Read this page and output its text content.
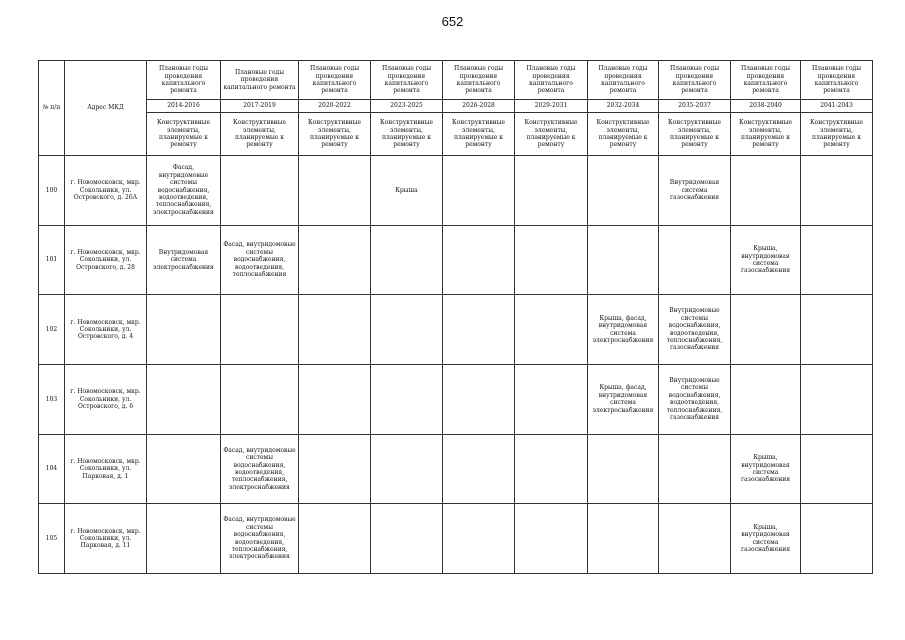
652
№ п/п	Адрес МКД	Плановые годы проведения капитального ремонта	Плановые годы проведения капитального ремонта	Плановые годы проведения капитального ремонта	Плановые годы проведения капитального ремонта	Плановые годы проведения капитального ремонта	Плановые годы проведения капитального ремонта	Плановые годы проведения капитального ремонта	Плановые годы проведения капитального ремонта	Плановые годы проведения капитального ремонта	Плановые годы проведения капитального ремонта
		2014-2016	2017-2019	2020-2022	2023-2025	2026-2028	2029-2031	2032-2034	2035-2037	2038-2040	2041-2043
		Конструктивные элементы, планируемые к ремонту	Конструктивные элементы, планируемые к ремонту	Конструктивные элементы, планируемые к ремонту	Конструктивные элементы, планируемые к ремонту	Конструктивные элементы, планируемые к ремонту	Конструктивные элементы, планируемые к ремонту	Конструктивные элементы, планируемые к ремонту	Конструктивные элементы, планируемые к ремонту	Конструктивные элементы, планируемые к ремонту	Конструктивные элементы, планируемые к ремонту
100	г. Новомосковск, мкр. Сокольники, ул. Островского, д. 26А	Фасад, внутридомовые системы водоснабжения, водоотведения, теплоснабжения, электроснабжения			Крыша				Внутридомовая система газоснабжения		
101	г. Новомосковск, мкр. Сокольники, ул. Островского, д. 28	Внутридомовая система электроснабжения	Фасад, внутридомовые системы водоснабжения, водоотведения, теплоснабжения							Крыша, внутридомовая система газоснабжения	
102	г. Новомосковск, мкр. Сокольники, ул. Островского, д. 4							Крыша, фасад, внутридомовая система электроснабжения	Внутридомовые системы водоснабжения, водоотведения, теплоснабжения, газоснабжения		
103	г. Новомосковск, мкр. Сокольники, ул. Островского, д. 6							Крыша, фасад, внутридомовая система электроснабжения	Внутридомовые системы водоснабжения, водоотведения, теплоснабжения, газоснабжения		
104	г. Новомосковск, мкр. Сокольники, ул. Парковая, д. 1		Фасад, внутридомовые системы водоснабжения, водоотведения, теплоснабжения, электроснабжения							Крыша, внутридомовая система газоснабжения	
105	г. Новомосковск, мкр. Сокольники, ул. Парковая, д. 11		Фасад, внутридомовые системы водоснабжения, водоотведения, теплоснабжения, электроснабжения							Крыша, внутридомовая система газоснабжения	
